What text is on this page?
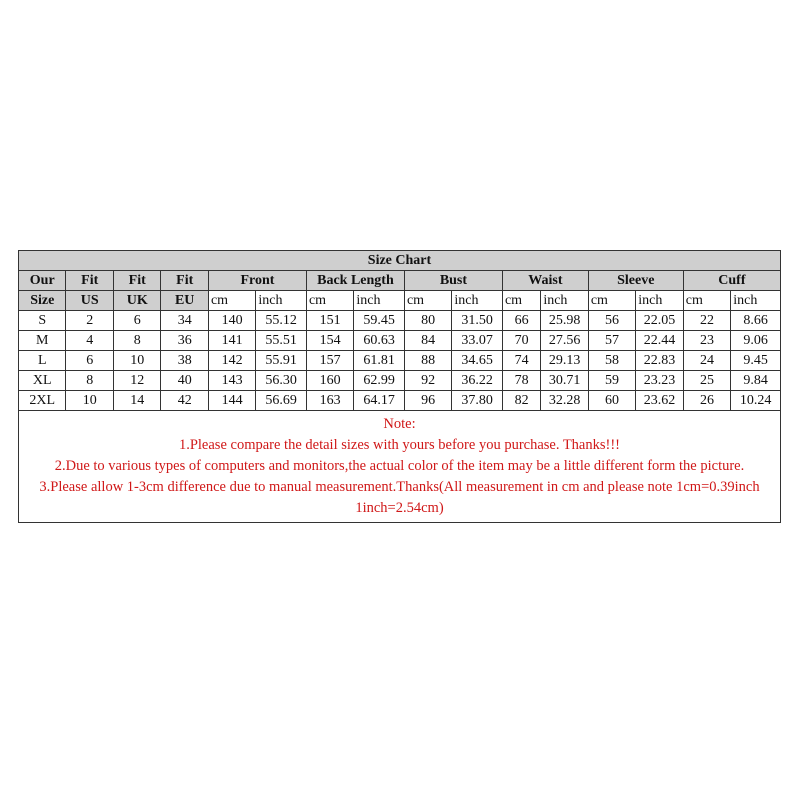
Size Chart															
Our	Fit	Fit	Fit	Front		Back Length		Bust		Waist		Sleeve		Cuff	
Size	US	UK	EU	cm	inch	cm	inch	cm	inch	cm	inch	cm	inch	cm	inch
S	2	6	34	140	55.12	151	59.45	80	31.50	66	25.98	56	22.05	22	8.66
M	4	8	36	141	55.51	154	60.63	84	33.07	70	27.56	57	22.44	23	9.06
L	6	10	38	142	55.91	157	61.81	88	34.65	74	29.13	58	22.83	24	9.45
XL	8	12	40	143	56.30	160	62.99	92	36.22	78	30.71	59	23.23	25	9.84
2XL	10	14	42	144	56.69	163	64.17	96	37.80	82	32.28	60	23.62	26	10.24

Note:
1.Please compare the detail sizes with yours before you purchase. Thanks!!!
2.Due to various types of computers and monitors,the actual color of the item may be a little different form the picture.
3.Please allow 1-3cm difference due to manual measurement.Thanks(All measurement in cm and please note 1cm=0.39inch 1inch=2.54cm)															
